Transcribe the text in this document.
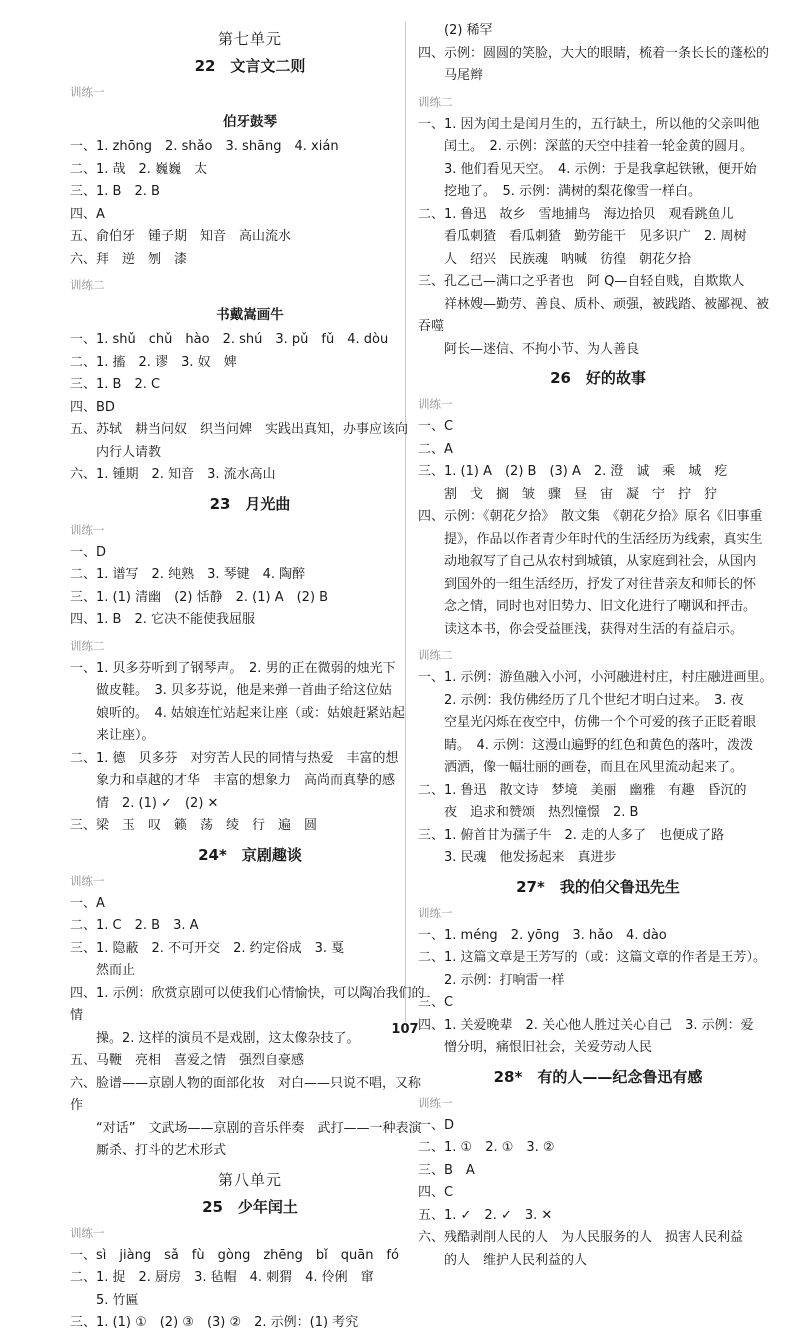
第七单元
22　文言文二则
训练一
伯牙鼓琴
一、1. zhōng　2. shǎo　3. shāng　4. xián
二、1. 哉　2. 巍巍　太
三、1. B　2. B
四、A
五、俞伯牙　锺子期　知音　高山流水
六、拜　逆　刎　漆
训练二
书戴嵩画牛
一、1. shǔ　chǔ　hào　2. shú　3. pǔ　fǔ　4. dòu
二、1. 搐　2. 谬　3. 奴　婢
三、1. B　2. C
四、BD
五、苏轼　耕当问奴　织当问婢　实践出真知，办事应该向
　　内行人请教
六、1. 锺期　2. 知音　3. 流水高山
23　月光曲
训练一
一、D
二、1. 谱写　2. 纯熟　3. 琴键　4. 陶醉
三、1. (1) 清幽　(2) 恬静　2. (1) A　(2) B
四、1. B　2. 它决不能使我屈服
训练二
一、1. 贝多芬听到了钢琴声。　2. 男的正在微弱的烛光下
　　做皮鞋。　3. 贝多芬说，他是来弹一首曲子给这位姑
　　娘听的。　4. 姑娘连忙站起来让座（或：姑娘赶紧站起
　　来让座）。
二、1. 德　贝多芬　对穷苦人民的同情与热爱　丰富的想
　　象力和卓越的才华　丰富的想象力　高尚而真挚的感
　　情　2. (1) ✓　(2) ✕
三、梁　玉　叹　籁　荡　绫　行　遍　圆
24*　京剧趣谈
训练一
一、A
二、1. C　2. B　3. A
三、1. 隐蔽　2. 不可开交　2. 约定俗成　3. 戛
　　然而止
四、1. 示例：欣赏京剧可以使我们心情愉快，可以陶冶我们的情
　　操。2. 这样的演员不是戏剧，这太像杂技了。
五、马鞭　亮相　喜爱之情　强烈自豪感
六、脸谱——京剧人物的面部化妆　对白——只说不唱，又称作
　　“对话”　文武场——京剧的音乐伴奏　武打——一种表演
　　厮杀、打斗的艺术形式
第八单元
25　少年闰土
训练一
一、sì　jiàng　sǎ　fù　gòng　zhēng　bǐ　quān　fó
二、1. 捉　2. 厨房　3. 毡帽　4. 刺猬　4. 伶俐　窜
　　5. 竹匾
三、1. (1) ①　(2) ③　(3) ②　2. 示例：(1) 考究
　　(2) 稀罕
四、示例：圆圆的笑脸，大大的眼睛，梳着一条长长的蓬松的
　　马尾辫
训练二
一、1. 因为闰土是闰月生的，五行缺土，所以他的父亲叫他
　　闰土。　2. 示例：深蓝的天空中挂着一轮金黄的圆月。
　　3. 他们看见天空。　4. 示例：于是我拿起铁锹，便开始
　　挖地了。　5. 示例：满树的梨花像雪一样白。
二、1. 鲁迅　故乡　雪地捕鸟　海边拾贝　观看跳鱼儿
　　看瓜刺猹　看瓜刺猹　勤劳能干　见多识广　2. 周树
　　人　绍兴　民族魂　呐喊　彷徨　朝花夕拾
三、孔乙己—满口之乎者也　阿 Q—自轻自贱，自欺欺人
　　祥林嫂—勤劳、善良、质朴、顽强，被践踏、被鄙视、被吞噬
　　阿长—迷信、不拘小节、为人善良
26　好的故事
训练一
一、C
二、A
三、1. (1) A　(2) B　(3) A　2. 澄　诚　乘　城　疙
　　割　戈　搁　皱　骤　昼　宙　凝　宁　拧　狞
四、示例：《朝花夕拾》　散文集　《朝花夕拾》原名《旧事重
　　提》，作品以作者青少年时代的生活经历为线索，真实生
　　动地叙写了自己从农村到城镇，从家庭到社会，从国内
　　到国外的一组生活经历，抒发了对往昔亲友和师长的怀
　　念之情，同时也对旧势力、旧文化进行了嘲讽和抨击。
　　读这本书，你会受益匪浅，获得对生活的有益启示。
训练二
一、1. 示例：游鱼融入小河，小河融进村庄，村庄融进画里。
　　2. 示例：我仿佛经历了几个世纪才明白过来。　3. 夜
　　空星光闪烁在夜空中，仿佛一个个可爱的孩子正眨着眼
　　睛。　4. 示例：这漫山遍野的红色和黄色的落叶，泼泼
　　洒洒，像一幅壮丽的画卷，而且在风里流动起来了。
二、1. 鲁迅　散文诗　梦境　美丽　幽雅　有趣　昏沉的
　　夜　追求和赞颂　热烈憧憬　2. B
三、1. 俯首甘为孺子牛　2. 走的人多了　也便成了路
　　3. 民魂　他发扬起来　真进步
27*　我的伯父鲁迅先生
训练一
一、1. méng　2. yōng　3. hǎo　4. dào
二、1. 这篇文章是王芳写的（或：这篇文章的作者是王芳）。
　　2. 示例：打响雷一样
三、C
四、1. 关爱晚辈　2. 关心他人胜过关心自己　3. 示例：爱
　　憎分明，痛恨旧社会，关爱劳动人民
28*　有的人——纪念鲁迅有感
训练一
一、D
二、1. ①　2. ①　3. ②
三、B　A
四、C
五、1. ✓　2. ✓　3. ✕
六、残酷剥削人民的人　为人民服务的人　损害人民利益
　　的人　维护人民利益的人
107
